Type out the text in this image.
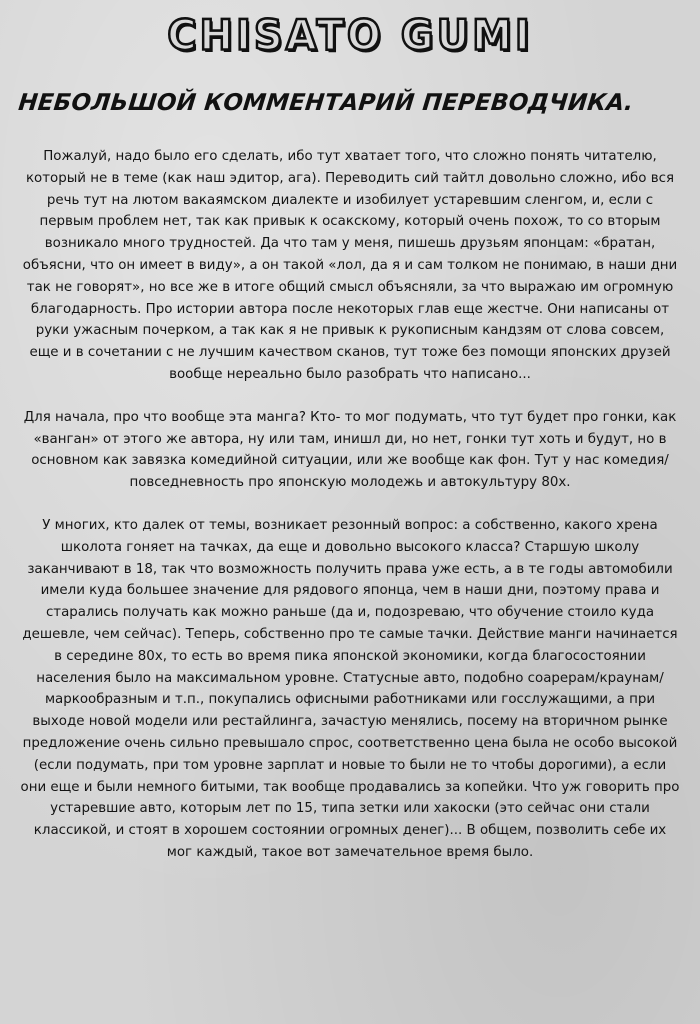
CHISATO GUMI
НЕБОЛЬШОЙ КОММЕНТАРИЙ ПЕРЕВОДЧИКА.

Пожалуй, надо было его сделать, ибо тут хватает того, что сложно понять читателю, который не в теме (как наш эдитор, ага). Переводить сий тайтл довольно сложно, ибо вся речь тут на лютом вакаямском диалекте и изобилует устаревшим сленгом, и, если с первым проблем нет, так как привык к осакскому, который очень похож, то со вторым возникало много трудностей. Да что там у меня, пишешь друзьям японцам: «братан, объясни, что он имеет в виду», а он такой «лол, да я и сам толком не понимаю, в наши дни так не говорят», но все же в итоге общий смысл объясняли, за что выражаю им огромную благодарность. Про истории автора после некоторых глав еще жестче. Они написаны от руки ужасным почерком, а так как я не привык к рукописным кандзям от слова совсем, еще и в сочетании с не лучшим качеством сканов, тут тоже без помощи японских друзей вообще нереально было разобрать что написано...

Для начала, про что вообще эта манга? Кто- то мог подумать, что тут будет про гонки, как «ванган» от этого же автора, ну или там, инишл ди, но нет, гонки тут хоть и будут, но в основном как завязка комедийной ситуации, или же вообще как фон. Тут у нас комедия/повседневность про японскую молодежь и автокультуру 80х.

У многих, кто далек от темы, возникает резонный вопрос: а собственно, какого хрена школота гоняет на тачках, да еще и довольно высокого класса? Старшую школу заканчивают в 18, так что возможность получить права уже есть, а в те годы автомобили имели куда большее значение для рядового японца, чем в наши дни, поэтому права и старались получать как можно раньше (да и, подозреваю, что обучение стоило куда дешевле, чем сейчас). Теперь, собственно про те самые тачки. Действие манги начинается в середине 80х, то есть во время пика японской экономики, когда благосостоянии населения было на максимальном уровне. Статусные авто, подобно соарерам/краунам/маркообразным и т.п., покупались офисными работниками или госслужащими, а при выходе новой модели или рестайлинга, зачастую менялись, посему на вторичном рынке предложение очень сильно превышало спрос, соответственно цена была не особо высокой (если подумать, при том уровне зарплат и новые то были не то чтобы дорогими), а если они еще и были немного битыми, так вообще продавались за копейки. Что уж говорить про устаревшие авто, которым лет по 15, типа зетки или хакоски (это сейчас они стали классикой, и стоят в хорошем состоянии огромных денег)... В общем, позволить себе их мог каждый, такое вот замечательное время было.
